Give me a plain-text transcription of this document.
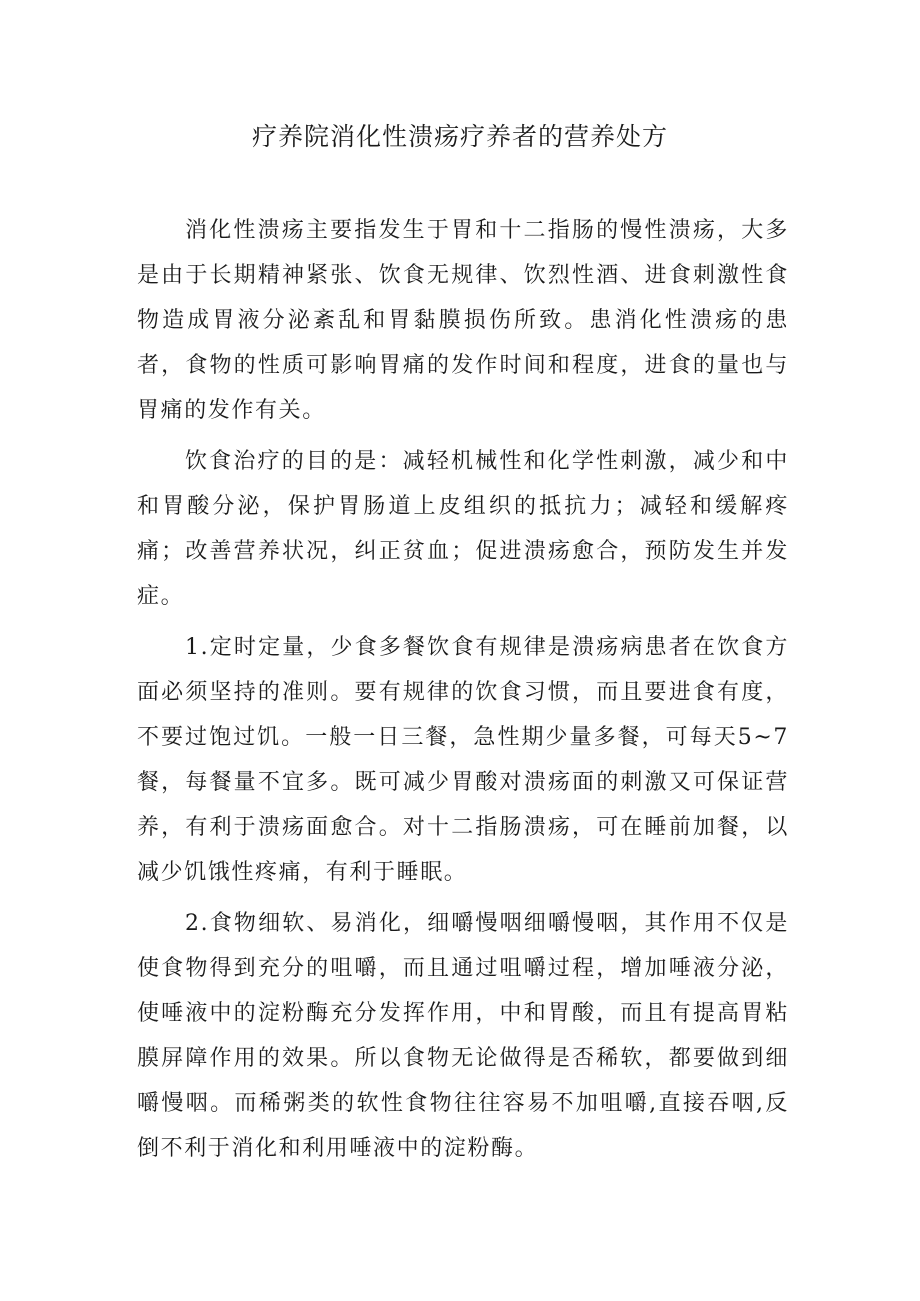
疗养院消化性溃疡疗养者的营养处方

消化性溃疡主要指发生于胃和十二指肠的慢性溃疡，大多是由于长期精神紧张、饮食无规律、饮烈性酒、进食刺激性食物造成胃液分泌紊乱和胃黏膜损伤所致。患消化性溃疡的患者，食物的性质可影响胃痛的发作时间和程度，进食的量也与胃痛的发作有关。

饮食治疗的目的是：减轻机械性和化学性刺激，减少和中和胃酸分泌，保护胃肠道上皮组织的抵抗力；减轻和缓解疼痛；改善营养状况，纠正贫血；促进溃疡愈合，预防发生并发症。

1.定时定量，少食多餐饮食有规律是溃疡病患者在饮食方面必须坚持的准则。要有规律的饮食习惯，而且要进食有度，不要过饱过饥。一般一日三餐，急性期少量多餐，可每天5~7餐，每餐量不宜多。既可减少胃酸对溃疡面的刺激又可保证营养，有利于溃疡面愈合。对十二指肠溃疡，可在睡前加餐，以减少饥饿性疼痛，有利于睡眠。

2.食物细软、易消化，细嚼慢咽细嚼慢咽，其作用不仅是使食物得到充分的咀嚼，而且通过咀嚼过程，增加唾液分泌，使唾液中的淀粉酶充分发挥作用，中和胃酸，而且有提高胃粘膜屏障作用的效果。所以食物无论做得是否稀软，都要做到细嚼慢咽。而稀粥类的软性食物往往容易不加咀嚼,直接吞咽,反倒不利于消化和利用唾液中的淀粉酶。
